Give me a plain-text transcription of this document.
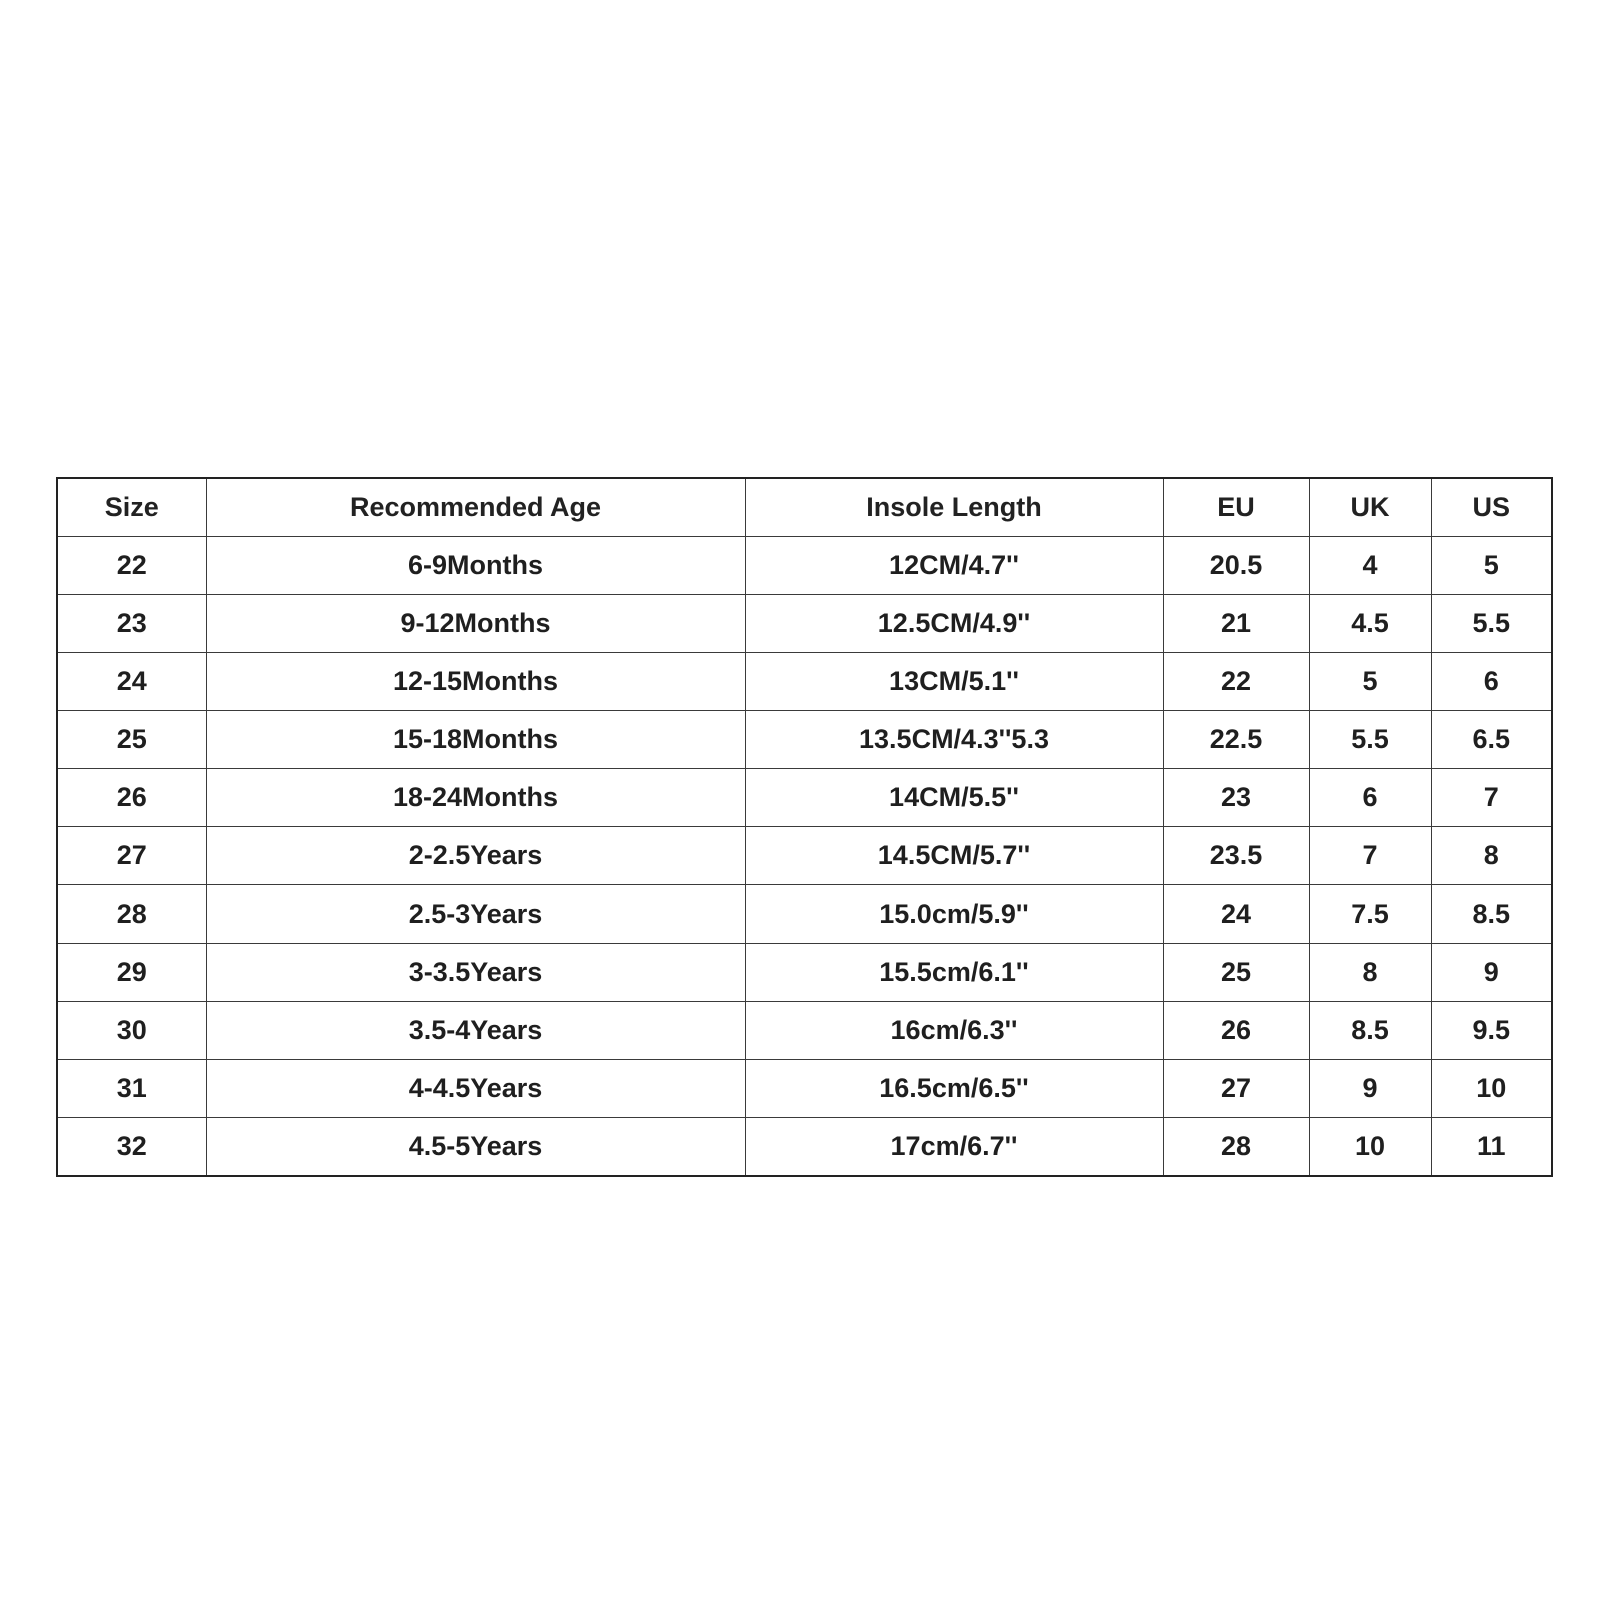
Size	Recommended Age	Insole Length	EU	UK	US
22	6-9Months	12CM/4.7''	20.5	4	5
23	9-12Months	12.5CM/4.9''	21	4.5	5.5
24	12-15Months	13CM/5.1''	22	5	6
25	15-18Months	13.5CM/4.3''5.3	22.5	5.5	6.5
26	18-24Months	14CM/5.5''	23	6	7
27	2-2.5Years	14.5CM/5.7''	23.5	7	8
28	2.5-3Years	15.0cm/5.9''	24	7.5	8.5
29	3-3.5Years	15.5cm/6.1''	25	8	9
30	3.5-4Years	16cm/6.3''	26	8.5	9.5
31	4-4.5Years	16.5cm/6.5''	27	9	10
32	4.5-5Years	17cm/6.7''	28	10	11
